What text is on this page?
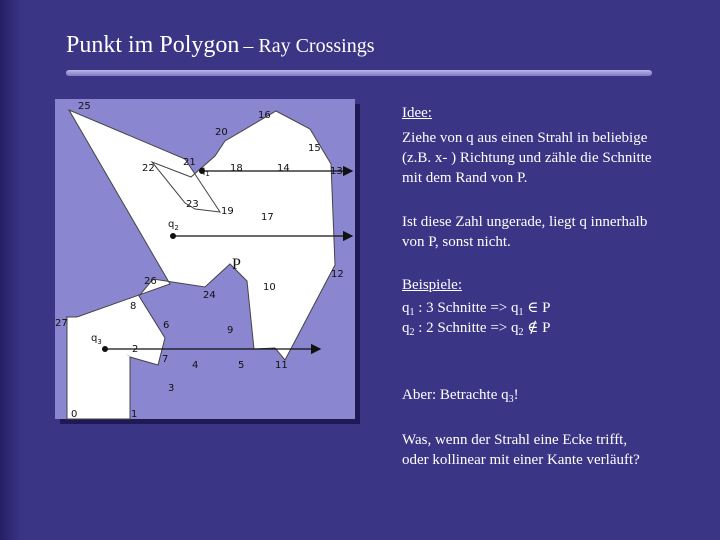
Punkt im Polygon – Ray Crossings
$q_1$
$q_2$
$q_3$
0	1
2
3
4	5
6
7
8
9
10
11
12
13
14
15
16
17
18
19
20
21
22
23
24
25
26
27
P
Idee:
Ziehe von q aus einen Strahl in beliebige
(z.B. x- ) Richtung und zähle die Schnitte
mit dem Rand von P.
Ist diese Zahl ungerade, liegt q innerhalb
von P, sonst nicht.
Beispiele:
$q_1$ : 3 Schnitte => $q_1$ ∈ P
$q_2$ : 2 Schnitte => $q_2$ ∉ P
Aber: Betrachte $q_3$!
Was, wenn der Strahl eine Ecke trifft,
oder kollinear mit einer Kante verläuft?
